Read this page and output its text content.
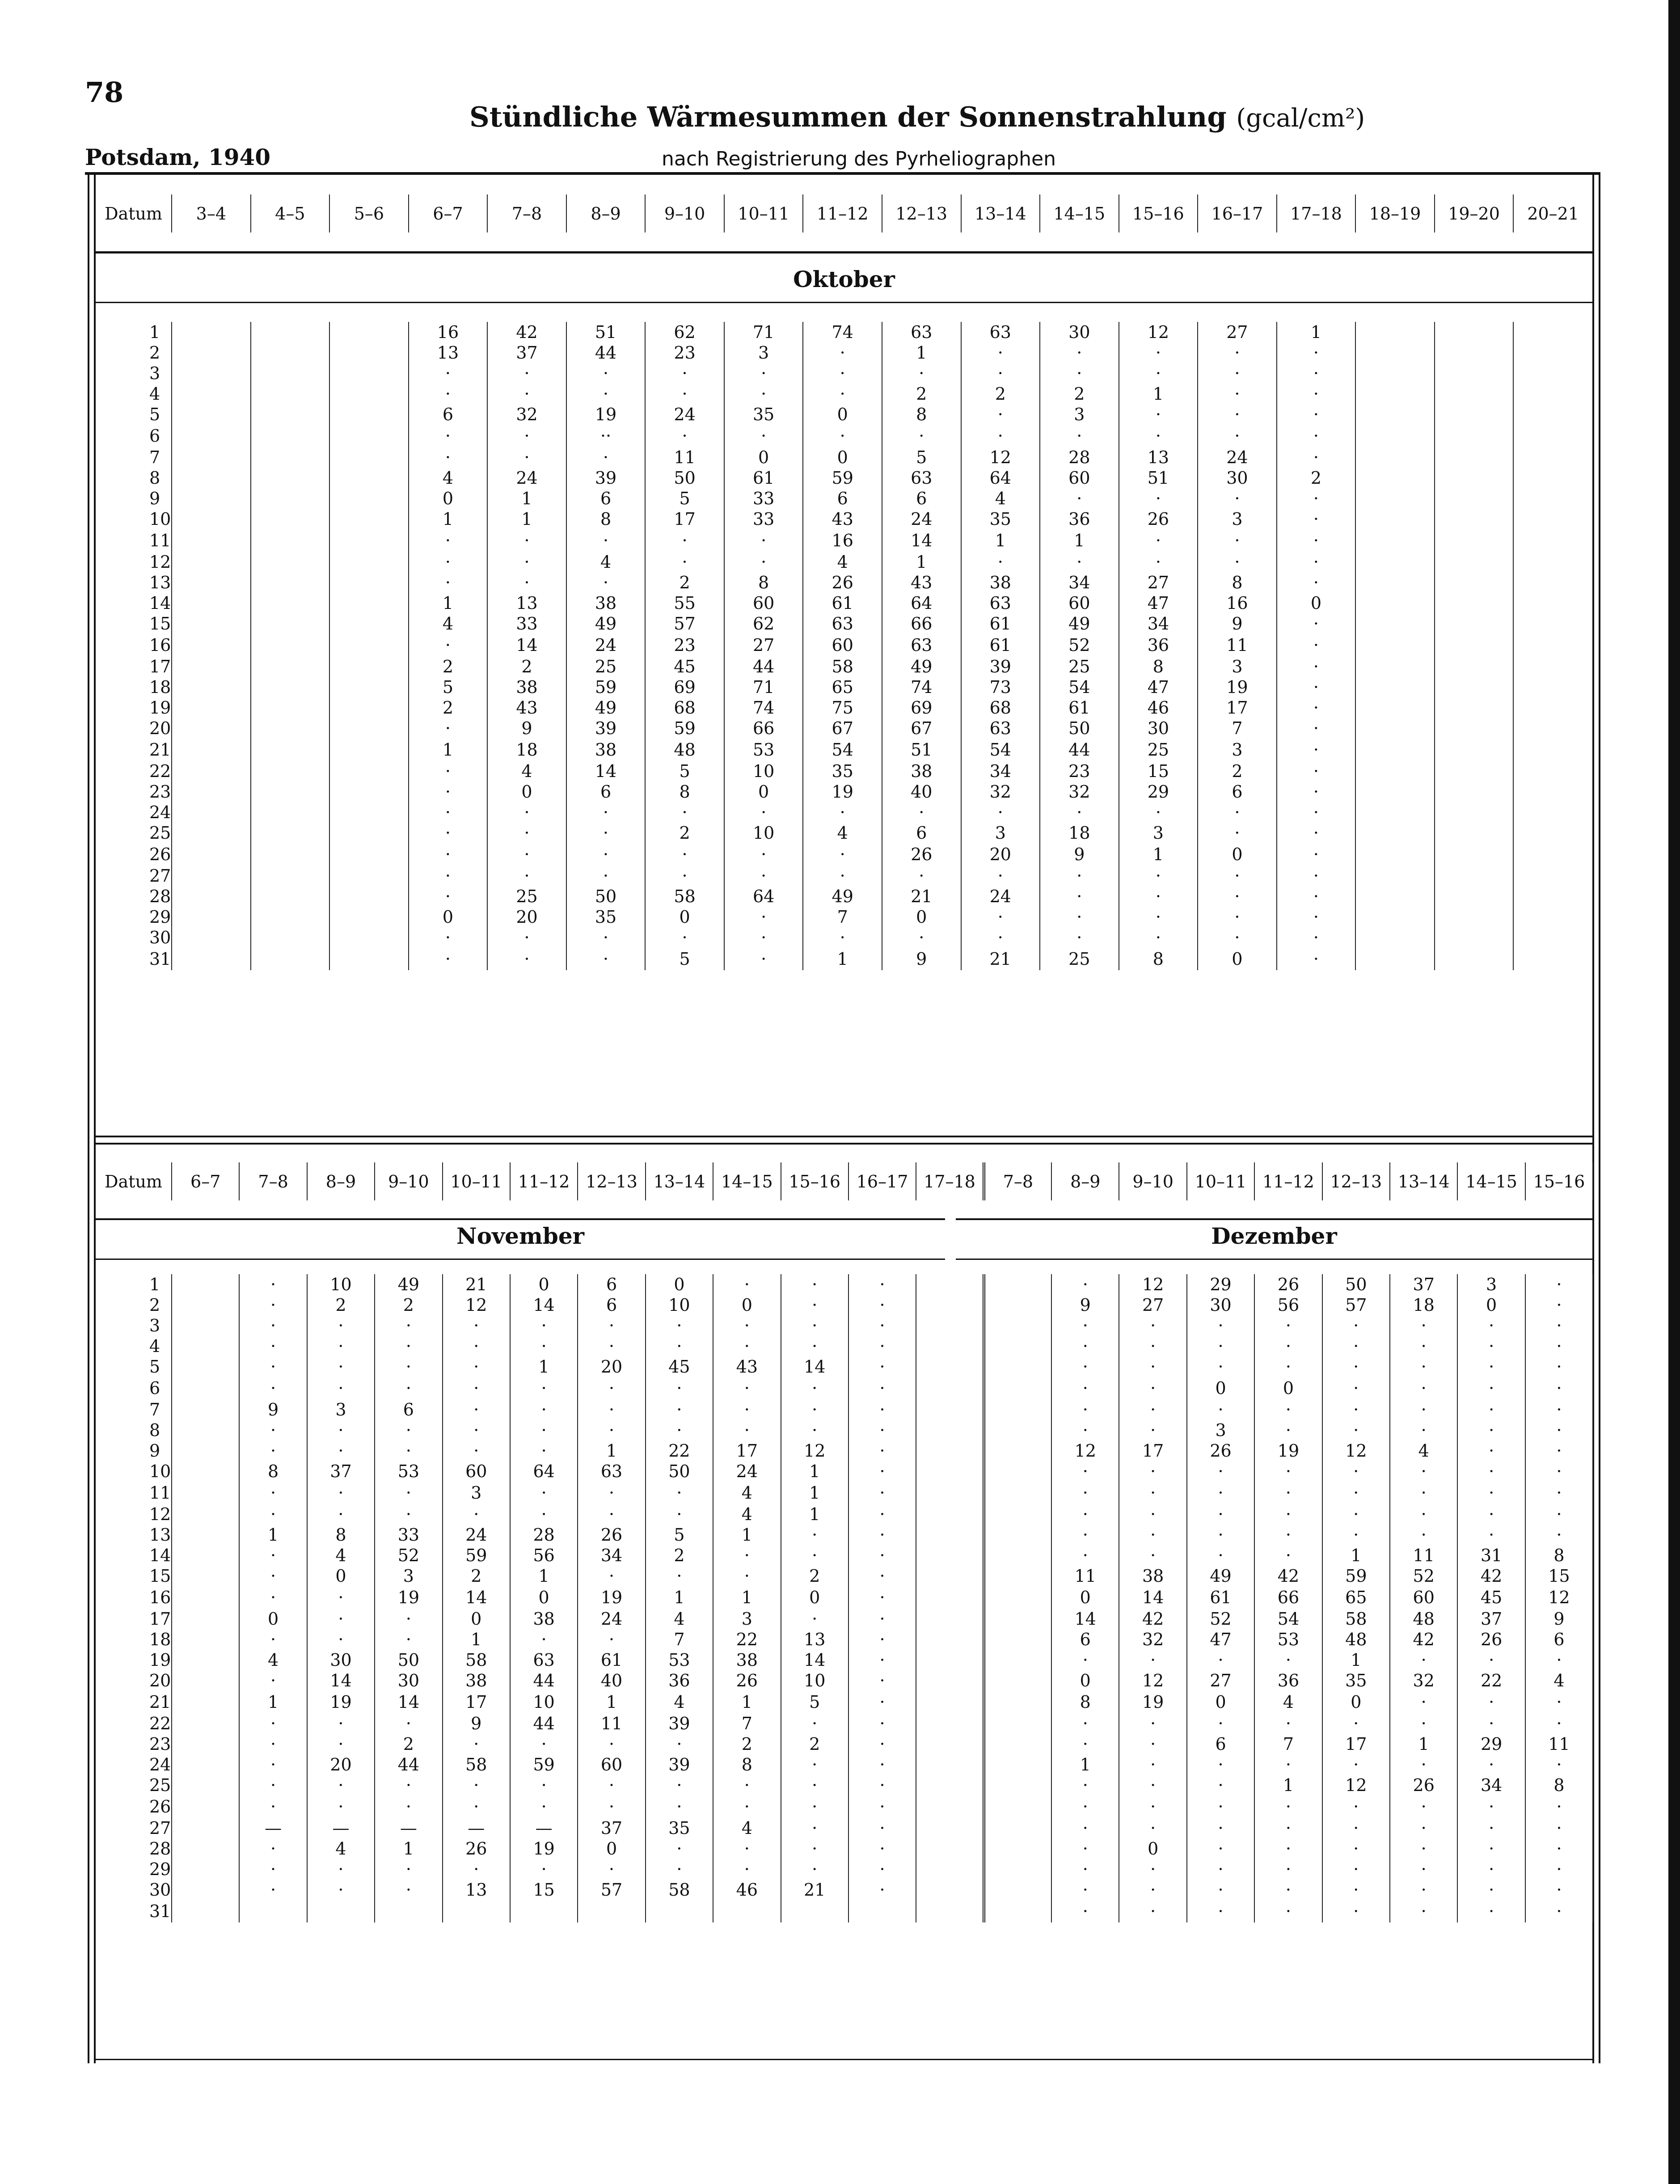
78
Stündliche Wärmesummen der Sonnenstrahlung (gcal/cm²)
Potsdam, 1940	nach Registrierung des Pyrheliographen
Datum	3–4	4–5	5–6	6–7	7–8	8–9	9–10	10–11	11–12	12–13	13–14	14–15	15–16	16–17	17–18	18–19	19–20	20–21
Oktober
1				16	42	51	62	71	74	63	63	30	12	27	1			
2				13	37	44	23	3	·	1	·	·	·	·	·			
3				·	·	·	·	·	·	·	·	·	·	·	·			
4				·	·	·	·	·	·	2	2	2	1	·	·			
5				6	32	19	24	35	0	8	·	3	·	·	·			
6				·	·	··	·	·	·	·	·	·	·	·	·			
7				·	·	·	11	0	0	5	12	28	13	24	·			
8				4	24	39	50	61	59	63	64	60	51	30	2			
9				0	1	6	5	33	6	6	4	·	·	·	·			
10				1	1	8	17	33	43	24	35	36	26	3	·			
11				·	·	·	·	·	16	14	1	1	·	·	·			
12				·	·	4	·	·	4	1	·	·	·	·	·			
13				·	·	·	2	8	26	43	38	34	27	8	·			
14				1	13	38	55	60	61	64	63	60	47	16	0			
15				4	33	49	57	62	63	66	61	49	34	9	·			
16				·	14	24	23	27	60	63	61	52	36	11	·			
17				2	2	25	45	44	58	49	39	25	8	3	·			
18				5	38	59	69	71	65	74	73	54	47	19	·			
19				2	43	49	68	74	75	69	68	61	46	17	·			
20				·	9	39	59	66	67	67	63	50	30	7	·			
21				1	18	38	48	53	54	51	54	44	25	3	·			
22				·	4	14	5	10	35	38	34	23	15	2	·			
23				·	0	6	8	0	19	40	32	32	29	6	·			
24				·	·	·	·	·	·	·	·	·	·	·	·			
25				·	·	·	2	10	4	6	3	18	3	·	·			
26				·	·	·	·	·	·	26	20	9	1	0	·			
27				·	·	·	·	·	·	·	·	·	·	·	·			
28				·	25	50	58	64	49	21	24	·	·	·	·			
29				0	20	35	0	·	7	0	·	·	·	·	·			
30				·	·	·	·	·	·	·	·	·	·	·	·			
31				·	·	·	5	·	1	9	21	25	8	0	·			
Datum	6–7	7–8	8–9	9–10	10–11	11–12	12–13	13–14	14–15	15–16	16–17	17–18	7–8	8–9	9–10	10–11	11–12	12–13	13–14	14–15	15–16	
November	Dezember
1		·	10	49	21	0	6	0	·	·	·			·	12	29	26	50	37	3	·	
2		·	2	2	12	14	6	10	0	·	·			9	27	30	56	57	18	0	·	
3		·	·	·	·	·	·	·	·	·	·			·	·	·	·	·	·	·	·	
4		·	·	·	·	·	·	·	·	·	·			·	·	·	·	·	·	·	·	
5		·	·	·	·	1	20	45	43	14	·			·	·	·	·	·	·	·	·	
6		·	·	·	·	·	·	·	·	·	·			·	·	0	0	·	·	·	·	
7		9	3	6	·	·	·	·	·	·	·			·	·	·	·	·	·	·	·	
8		·	·	·	·	·	·	·	·	·	·			·	·	3	·	·	·	·	·	
9		·	·	·	·	·	1	22	17	12	·			12	17	26	19	12	4	·	·	
10		8	37	53	60	64	63	50	24	1	·			·	·	·	·	·	·	·	·	
11		·	·	·	3	·	·	·	4	1	·			·	·	·	·	·	·	·	·	
12		·	·	·	·	·	·	·	4	1	·			·	·	·	·	·	·	·	·	
13		1	8	33	24	28	26	5	1	·	·			·	·	·	·	·	·	·	·	
14		·	4	52	59	56	34	2	·	·	·			·	·	·	·	1	11	31	8	
15		·	0	3	2	1	·	·	·	2	·			11	38	49	42	59	52	42	15	
16		·	·	19	14	0	19	1	1	0	·			0	14	61	66	65	60	45	12	
17		0	·	·	0	38	24	4	3	·	·			14	42	52	54	58	48	37	9	
18		·	·	·	1	·	·	7	22	13	·			6	32	47	53	48	42	26	6	
19		4	30	50	58	63	61	53	38	14	·			·	·	·	·	1	·	·	·	
20		·	14	30	38	44	40	36	26	10	·			0	12	27	36	35	32	22	4	
21		1	19	14	17	10	1	4	1	5	·			8	19	0	4	0	·	·	·	
22		·	·	·	9	44	11	39	7	·	·			·	·	·	·	·	·	·	·	
23		·	·	2	·	·	·	·	2	2	·			·	·	6	7	17	1	29	11	
24		·	20	44	58	59	60	39	8	·	·			1	·	·	·	·	·	·	·	
25		·	·	·	·	·	·	·	·	·	·			·	·	·	1	12	26	34	8	
26		·	·	·	·	·	·	·	·	·	·			·	·	·	·	·	·	·	·	
27		—	—	—	—	—	37	35	4	·	·			·	·	·	·	·	·	·	·	
28		·	4	1	26	19	0	·	·	·	·			·	0	·	·	·	·	·	·	
29		·	·	·	·	·	·	·	·	·	·			·	·	·	·	·	·	·	·	
30		·	·	·	13	15	57	58	46	21	·			·	·	·	·	·	·	·	·	
31														·	·	·	·	·	·	·	·	
